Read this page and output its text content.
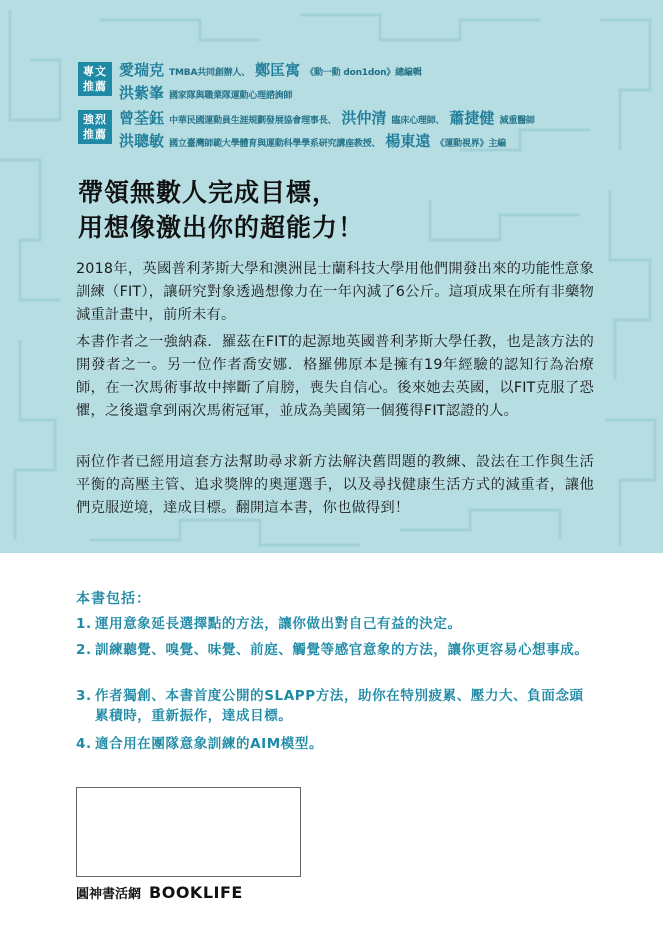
專文
推薦
愛瑞克 TMBA共同創辦人、 鄭匡寓 《動一動 don1don》總編輯
洪紫峯 國家隊與職業隊運動心理諮詢師
強烈
推薦
曾荃鈺 中華民國運動員生涯規劃發展協會理事長、 洪仲清 臨床心理師、 蕭捷健 減重醫師
洪聰敏 國立臺灣師範大學體育與運動科學學系研究講座教授、 楊東遠 《運動視界》主編
帶領無數人完成目標，
用想像激出你的超能力！
2018年，英國普利茅斯大學和澳洲昆士蘭科技大學用他們開發出來的功能性意象訓練（FIT），讓研究對象透過想像力在一年內減了6公斤。這項成果在所有非藥物減重計畫中，前所未有。
本書作者之一強納森．羅茲在FIT的起源地英國普利茅斯大學任教，也是該方法的開發者之一。另一位作者喬安娜．格羅佛原本是擁有19年經驗的認知行為治療師，在一次馬術事故中摔斷了肩膀，喪失自信心。後來她去英國，以FIT克服了恐懼，之後還拿到兩次馬術冠軍，並成為美國第一個獲得FIT認證的人。
兩位作者已經用這套方法幫助尋求新方法解決舊問題的教練、設法在工作與生活平衡的高壓主管、追求獎牌的奧運選手，以及尋找健康生活方式的減重者，讓他們克服逆境，達成目標。翻開這本書，你也做得到！
本書包括：
1. 運用意象延長選擇點的方法，讓你做出對自己有益的決定。
2. 訓練聽覺、嗅覺、味覺、前庭、觸覺等感官意象的方法，讓你更容易心想事成。
3. 作者獨創、本書首度公開的SLAPP方法，助你在特別疲累、壓力大、負面念頭累積時，重新振作，達成目標。
4. 適合用在團隊意象訓練的AIM模型。
圓神書活網 BOOKLIFE
